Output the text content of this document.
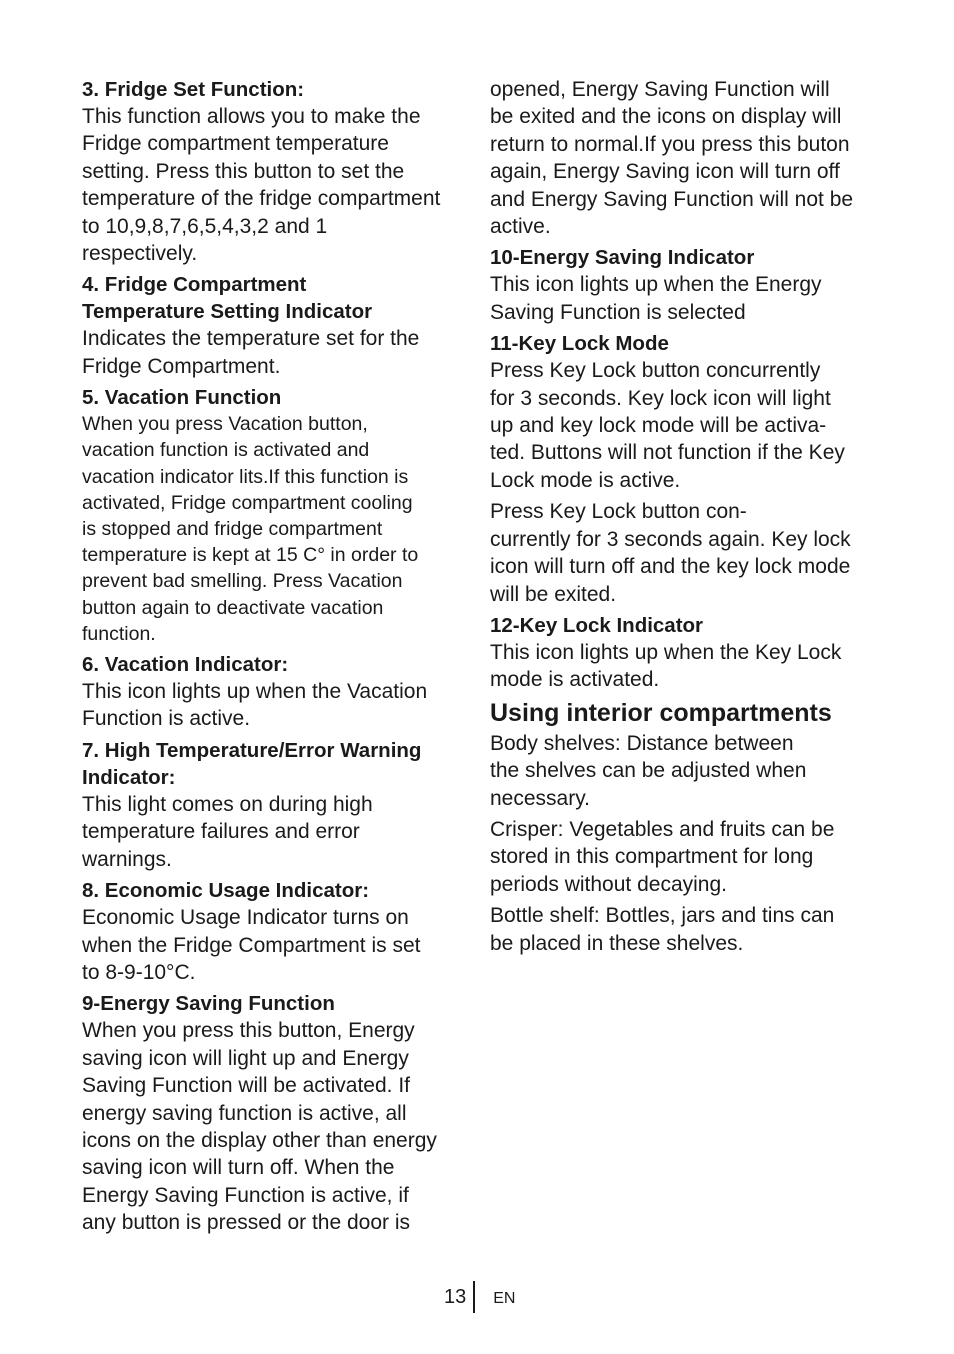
3. Fridge Set Function:
This function allows you to make the
Fridge compartment temperature
setting. Press this button to set the
temperature of the fridge compartment
to 10,9,8,7,6,5,4,3,2 and 1
respectively.
4. Fridge Compartment
Temperature Setting Indicator
Indicates the temperature set for the
Fridge Compartment.
5. Vacation Function
When you press Vacation button,
vacation function is activated and
vacation indicator lits.If this function is
activated, Fridge compartment cooling
is stopped and fridge compartment
temperature is kept at 15 C° in order to
prevent bad smelling. Press Vacation
button again to deactivate vacation
function.
6. Vacation Indicator:
This icon lights up when the Vacation
Function is active.
7. High Temperature/Error Warning
Indicator:
This light comes on during high
temperature failures and error
warnings.
8. Economic Usage Indicator:
Economic Usage Indicator turns on
when the Fridge Compartment is set
to 8-9-10°C.
9-Energy Saving Function
When you press this button, Energy
saving icon will light up and Energy
Saving Function will be activated. If
energy saving function is active, all
icons on the display other than energy
saving icon will turn off. When the
Energy Saving Function is active, if
any button is pressed or the door is
opened, Energy Saving Function will
be exited and the icons on display will
return to normal.If you press this buton
again, Energy Saving icon will turn off
and Energy Saving Function will not be
active.
10-Energy Saving Indicator
This icon lights up when the Energy
Saving Function is selected
11-Key Lock Mode
Press Key Lock button concurrently
for 3 seconds. Key lock icon will light
up and key lock mode will be activa-
ted. Buttons will not function if the Key
Lock mode is active.
Press Key Lock button con-
currently for 3 seconds again. Key lock
icon will turn off and the key lock mode
will be exited.
12-Key Lock Indicator
This icon lights up when the Key Lock
mode is activated.
Using interior compartments
Body shelves: Distance between
the shelves can be adjusted when
necessary.
Crisper: Vegetables and fruits can be
stored in this compartment for long
periods without decaying.
Bottle shelf: Bottles, jars and tins can
be placed in these shelves.
13	EN
